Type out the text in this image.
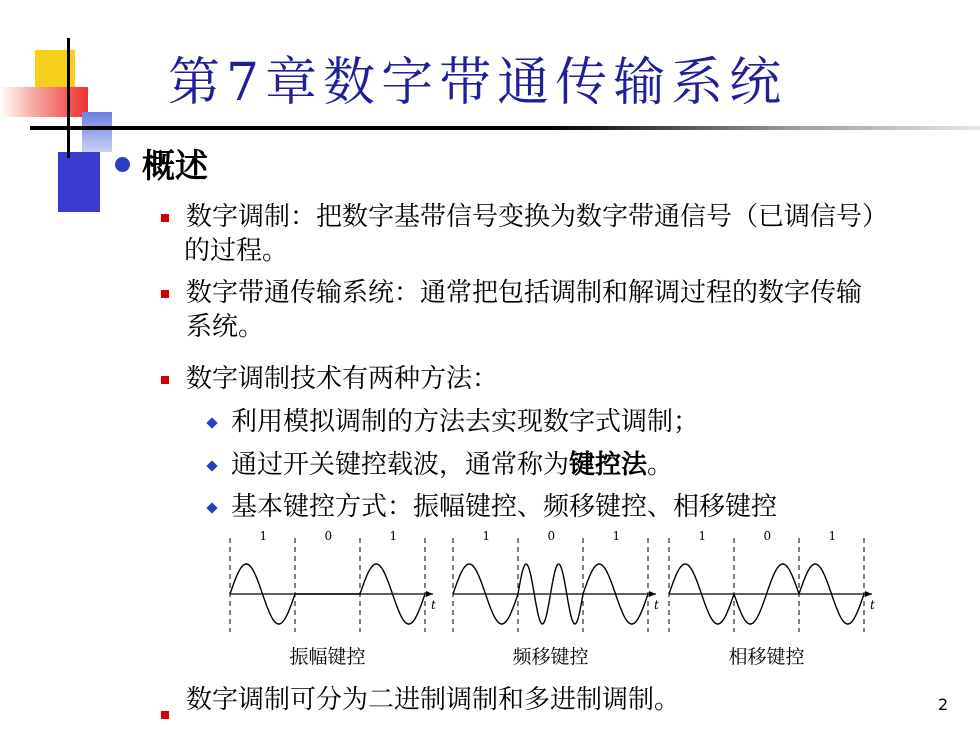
第7章数字带通传输系统
概述
数字调制：把数字基带信号变换为数字带通信号（已调信号）
的过程。
数字带通传输系统：通常把包括调制和解调过程的数字传输
系统。
数字调制技术有两种方法：
利用模拟调制的方法去实现数字式调制；
通过开关键控载波，通常称为键控法。
基本键控方式：振幅键控、频移键控、相移键控
t
1	0	1
振幅键控
t
1	0	1
频移键控
t
1	0	1
相移键控
数字调制可分为二进制调制和多进制调制。	2
